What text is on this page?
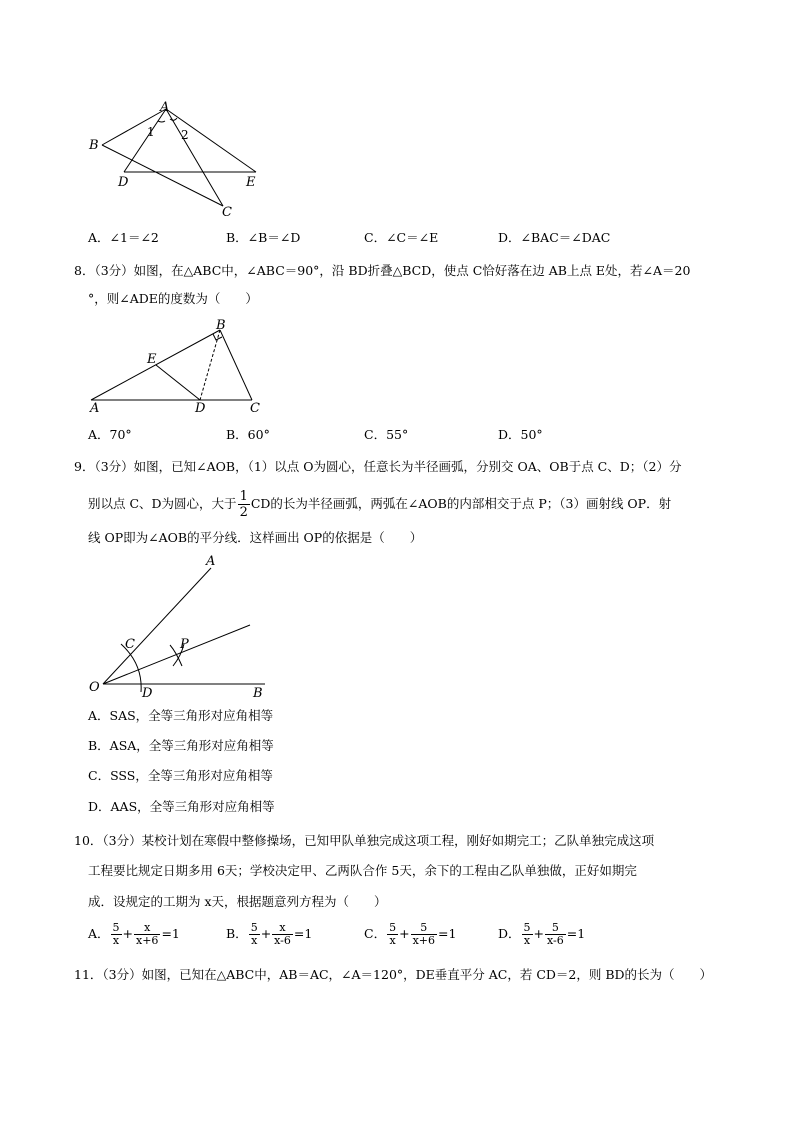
A
B
D	E
C
1 2
A．∠1＝∠2	B．∠B＝∠D	C．∠C＝∠E	D．∠BAC＝∠DAC
8．（3分）如图，在△ABC中，∠ABC＝90°，沿 BD折叠△BCD，使点 C恰好落在边 AB上点 E处，若∠A＝20
°，则∠ADE的度数为（　　）
A
B
C
D
E
A．70°	B．60°	C．55°	D．50°
9．（3分）如图，已知∠AOB，（1）以点 O为圆心，任意长为半径画弧，分别交 OA、OB于点 C、D；（2）分
别以点 C、D为圆心，大于 $\frac{1}{2}$ CD的长为半径画弧，两弧在∠AOB的内部相交于点 P；（3）画射线 OP．射
线 OP即为∠AOB的平分线．这样画出 OP的依据是（　　）
O
A
B
C
D
P
A．SAS，全等三角形对应角相等
B．ASA，全等三角形对应角相等
C．SSS，全等三角形对应角相等
D．AAS，全等三角形对应角相等
10．（3分）某校计划在寒假中整修操场，已知甲队单独完成这项工程，刚好如期完工；乙队单独完成这项
工程要比规定日期多用 6天；学校决定甲、乙两队合作 5天，余下的工程由乙队单独做，正好如期完
成．设规定的工期为 x天，根据题意列方程为（　　）
A． $\frac{5}{x} + \frac{x}{x+6} =1$	B． $\frac{5}{x} + \frac{x}{x-6} =1$	C． $\frac{5}{x} + \frac{5}{x+6} =1$	D． $\frac{5}{x} + \frac{5}{x-6} =1$
11．（3分）如图，已知在△ABC中，AB＝AC，∠A＝120°，DE垂直平分 AC，若 CD＝2，则 BD的长为（　　）
